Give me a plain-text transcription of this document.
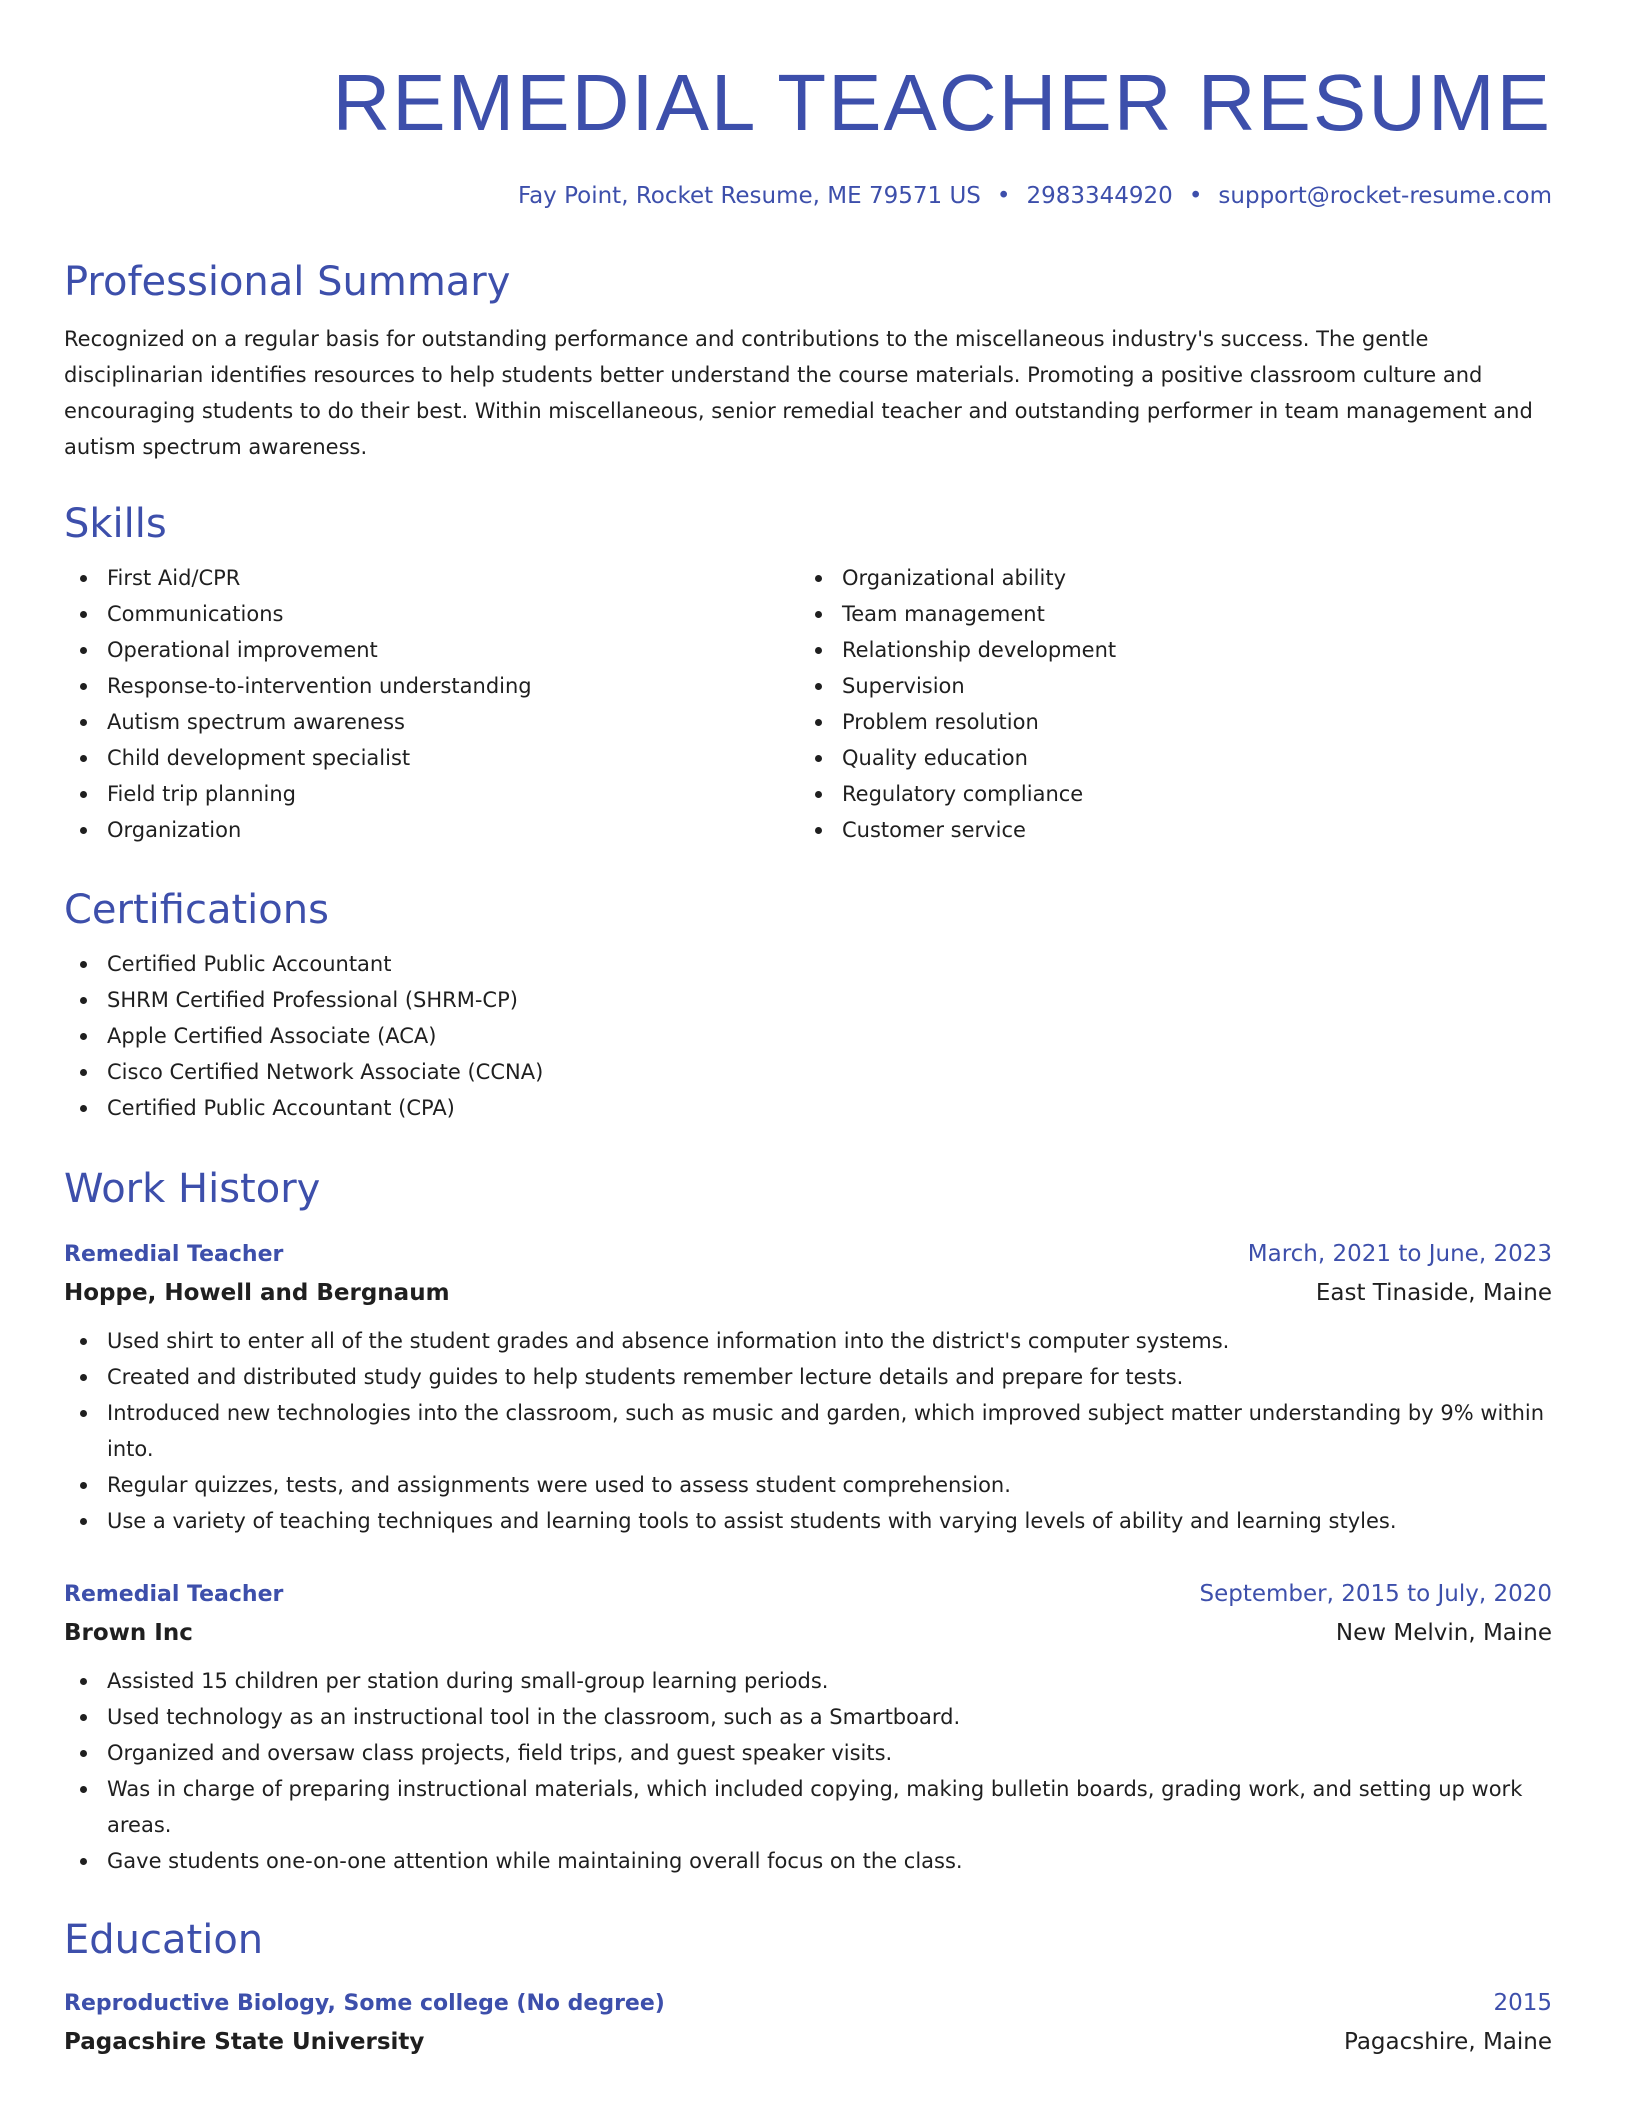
REMEDIAL TEACHER RESUME
Fay Point, Rocket Resume, ME 79571 US • 2983344920 • support@rocket-resume.com
Professional Summary

Recognized on a regular basis for outstanding performance and contributions to the miscellaneous industry's success. The gentle disciplinarian identifies resources to help students better understand the course materials. Promoting a positive classroom culture and encouraging students to do their best. Within miscellaneous, senior remedial teacher and outstanding performer in team management and autism spectrum awareness.

Skills
First Aid/CPR
Communications
Operational improvement
Response-to-intervention understanding
Autism spectrum awareness
Child development specialist
Field trip planning
Organization
Organizational ability
Team management
Relationship development
Supervision
Problem resolution
Quality education
Regulatory compliance
Customer service
Certifications
Certified Public Accountant
SHRM Certified Professional (SHRM-CP)
Apple Certified Associate (ACA)
Cisco Certified Network Associate (CCNA)
Certified Public Accountant (CPA)
Work History
Remedial Teacher	March, 2021 to June, 2023
Hoppe, Howell and Bergnaum	East Tinaside, Maine
Used shirt to enter all of the student grades and absence information into the district's computer systems.
Created and distributed study guides to help students remember lecture details and prepare for tests.
Introduced new technologies into the classroom, such as music and garden, which improved subject matter understanding by 9% within into.
Regular quizzes, tests, and assignments were used to assess student comprehension.
Use a variety of teaching techniques and learning tools to assist students with varying levels of ability and learning styles.
Remedial Teacher	September, 2015 to July, 2020
Brown Inc	New Melvin, Maine
Assisted 15 children per station during small-group learning periods.
Used technology as an instructional tool in the classroom, such as a Smartboard.
Organized and oversaw class projects, field trips, and guest speaker visits.
Was in charge of preparing instructional materials, which included copying, making bulletin boards, grading work, and setting up work areas.
Gave students one-on-one attention while maintaining overall focus on the class.
Education
Reproductive Biology, Some college (No degree)	2015
Pagacshire State University	Pagacshire, Maine
